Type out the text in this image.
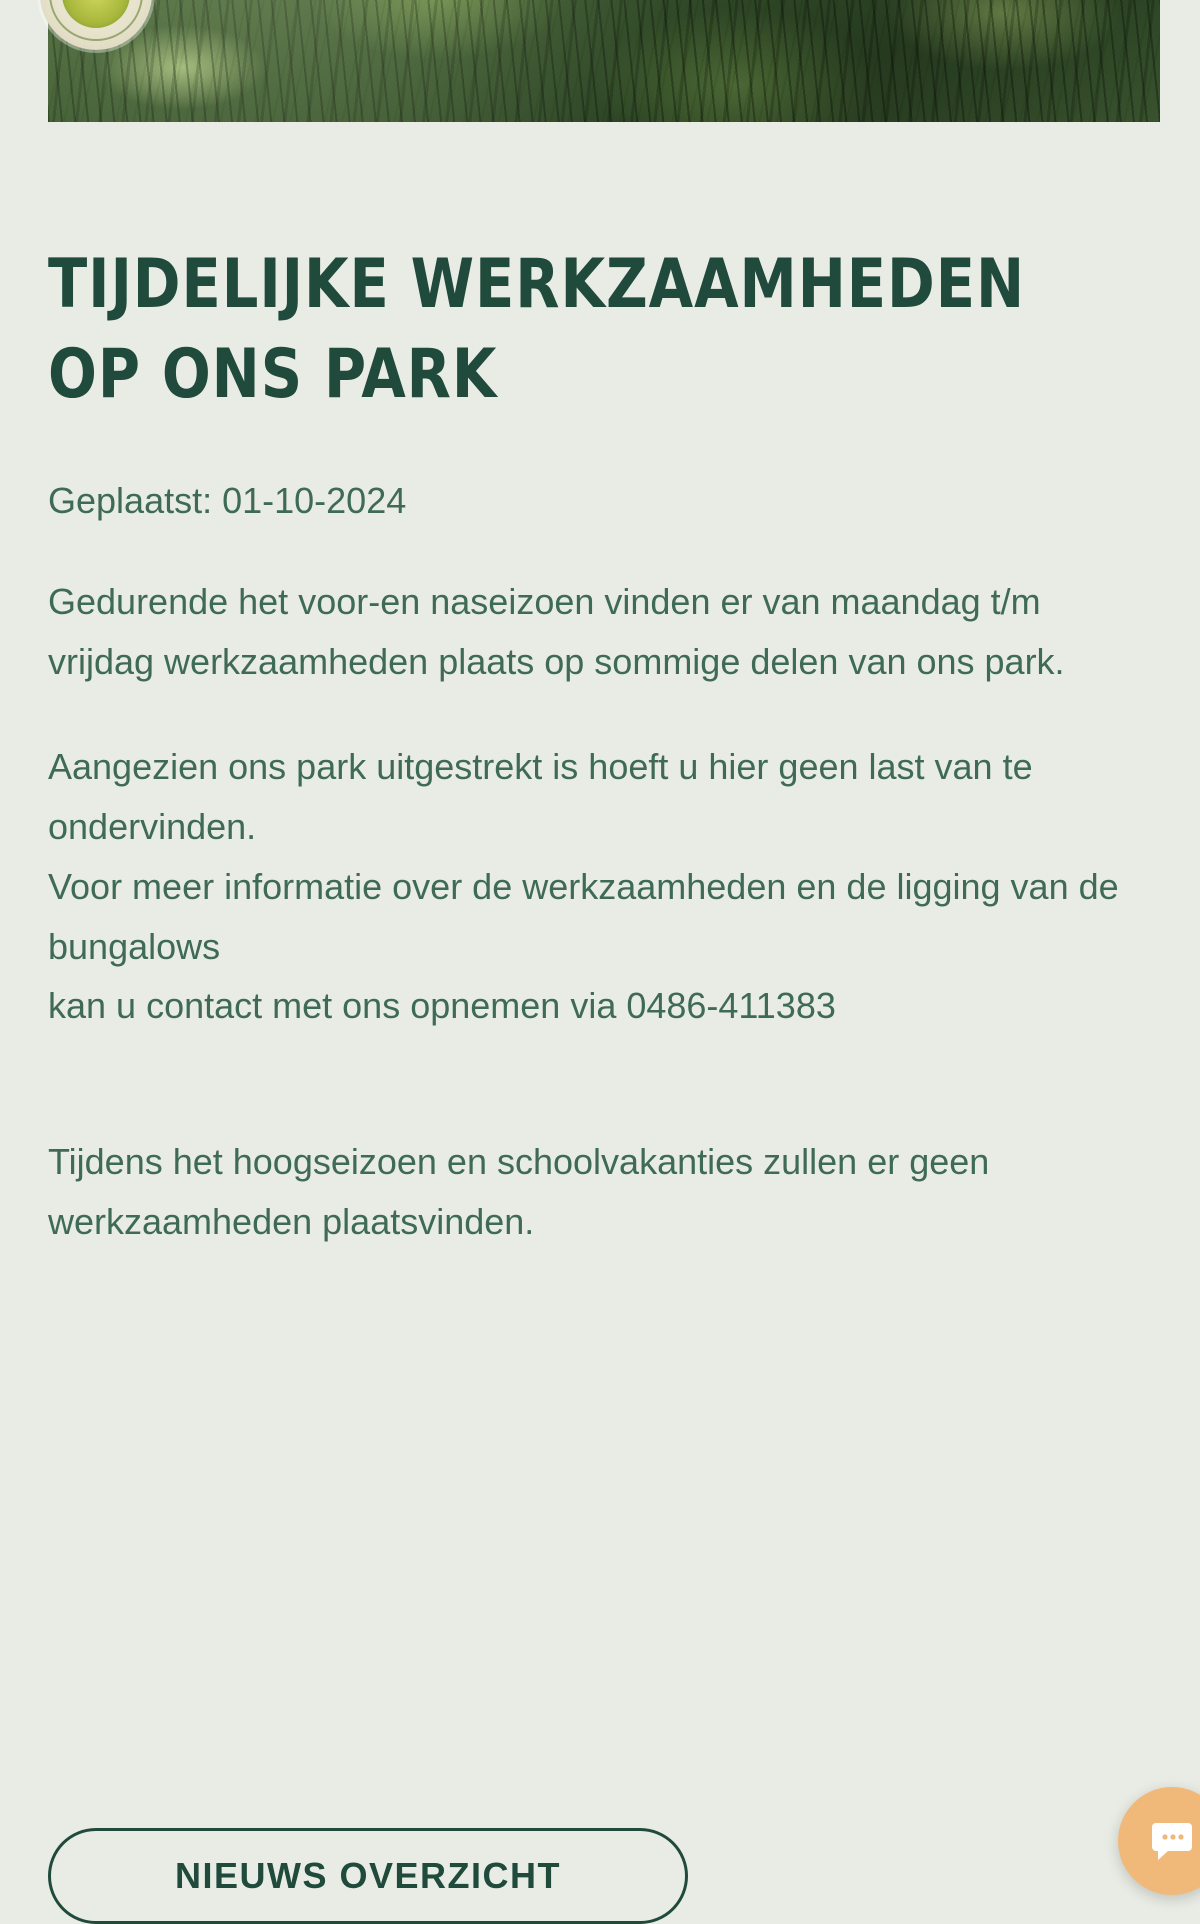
TIJDELIJKE WERKZAAMHEDEN OP ONS PARK
Geplaatst: 01-10-2024

Gedurende het voor-en naseizoen vinden er van maandag t/m vrijdag werkzaamheden plaats op sommige delen van ons park.

Aangezien ons park uitgestrekt is hoeft u hier geen last van te ondervinden.

Voor meer informatie over de werkzaamheden en de ligging van de bungalows

kan u contact met ons opnemen via 0486-411383

Tijdens het hoogseizoen en schoolvakanties zullen er geen werkzaamheden plaatsvinden.

NIEUWS OVERZICHT
